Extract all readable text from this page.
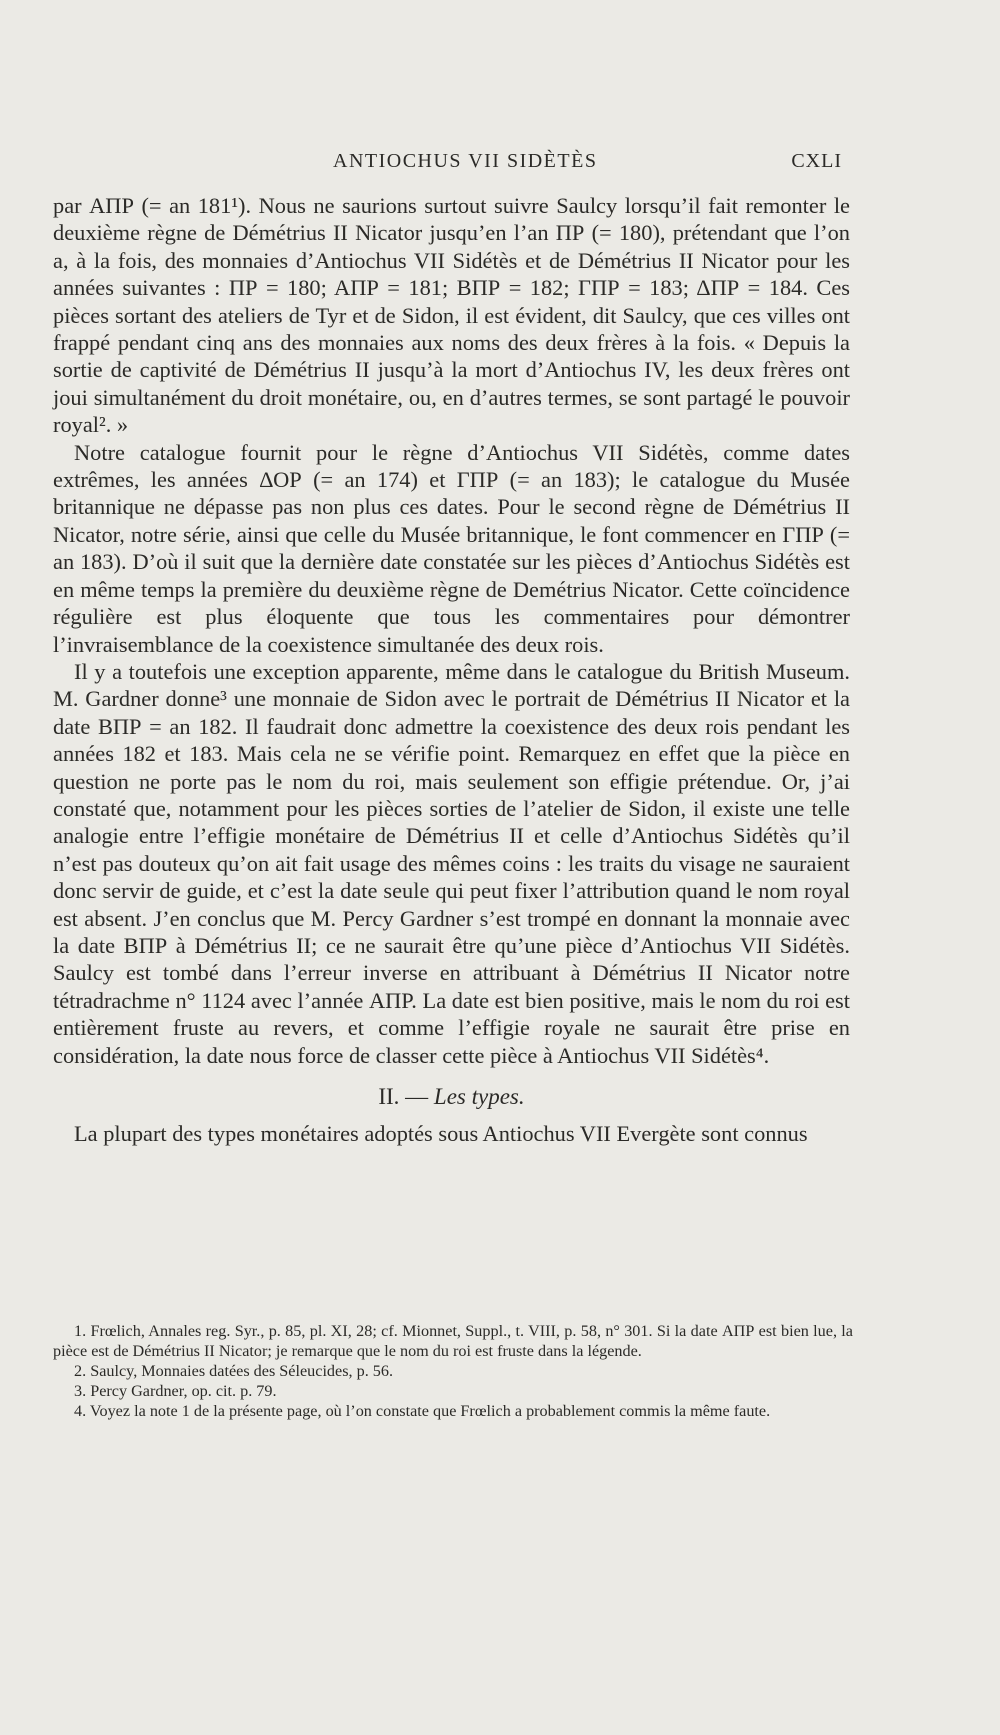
ANTIOCHUS VII SIDÈTÈS	CXLI

par ΑΠΡ (= an 181¹). Nous ne saurions surtout suivre Saulcy lorsqu’il fait remonter le deuxième règne de Démétrius II Nicator jusqu’en l’an ΠΡ (= 180), prétendant que l’on a, à la fois, des monnaies d’Antiochus VII Sidétès et de Démétrius II Nicator pour les années suivantes : ΠΡ = 180; ΑΠΡ = 181; ΒΠΡ = 182; ΓΠΡ = 183; ΔΠΡ = 184. Ces pièces sortant des ateliers de Tyr et de Sidon, il est évident, dit Saulcy, que ces villes ont frappé pendant cinq ans des monnaies aux noms des deux frères à la fois. « Depuis la sortie de captivité de Démétrius II jusqu’à la mort d’Antiochus IV, les deux frères ont joui simultanément du droit monétaire, ou, en d’autres termes, se sont partagé le pouvoir royal². »

Notre catalogue fournit pour le règne d’Antiochus VII Sidétès, comme dates extrêmes, les années ΔΟΡ (= an 174) et ΓΠΡ (= an 183); le catalogue du Musée britannique ne dépasse pas non plus ces dates. Pour le second règne de Démétrius II Nicator, notre série, ainsi que celle du Musée britannique, le font commencer en ΓΠΡ (= an 183). D’où il suit que la dernière date constatée sur les pièces d’Antiochus Sidétès est en même temps la première du deuxième règne de Demétrius Nicator. Cette coïncidence régulière est plus éloquente que tous les commentaires pour démontrer l’invraisemblance de la coexistence simultanée des deux rois.

Il y a toutefois une exception apparente, même dans le catalogue du British Museum. M. Gardner donne³ une monnaie de Sidon avec le portrait de Démétrius II Nicator et la date ΒΠΡ = an 182. Il faudrait donc admettre la coexistence des deux rois pendant les années 182 et 183. Mais cela ne se vérifie point. Remarquez en effet que la pièce en question ne porte pas le nom du roi, mais seulement son effigie prétendue. Or, j’ai constaté que, notamment pour les pièces sorties de l’atelier de Sidon, il existe une telle analogie entre l’effigie monétaire de Démétrius II et celle d’Antiochus Sidétès qu’il n’est pas douteux qu’on ait fait usage des mêmes coins : les traits du visage ne sauraient donc servir de guide, et c’est la date seule qui peut fixer l’attribution quand le nom royal est absent. J’en conclus que M. Percy Gardner s’est trompé en donnant la monnaie avec la date ΒΠΡ à Démétrius II; ce ne saurait être qu’une pièce d’Antiochus VII Sidétès. Saulcy est tombé dans l’erreur inverse en attribuant à Démétrius II Nicator notre tétradrachme n° 1124 avec l’année ΑΠΡ. La date est bien positive, mais le nom du roi est entièrement fruste au revers, et comme l’effigie royale ne saurait être prise en considération, la date nous force de classer cette pièce à Antiochus VII Sidétès⁴.

II. — Les types.

La plupart des types monétaires adoptés sous Antiochus VII Evergète sont connus

1. Frœlich, Annales reg. Syr., p. 85, pl. XI, 28; cf. Mionnet, Suppl., t. VIII, p. 58, n° 301. Si la date ΑΠΡ est bien lue, la pièce est de Démétrius II Nicator; je remarque que le nom du roi est fruste dans la légende.

2. Saulcy, Monnaies datées des Séleucides, p. 56.

3. Percy Gardner, op. cit. p. 79.

4. Voyez la note 1 de la présente page, où l’on constate que Frœlich a probablement commis la même faute.
